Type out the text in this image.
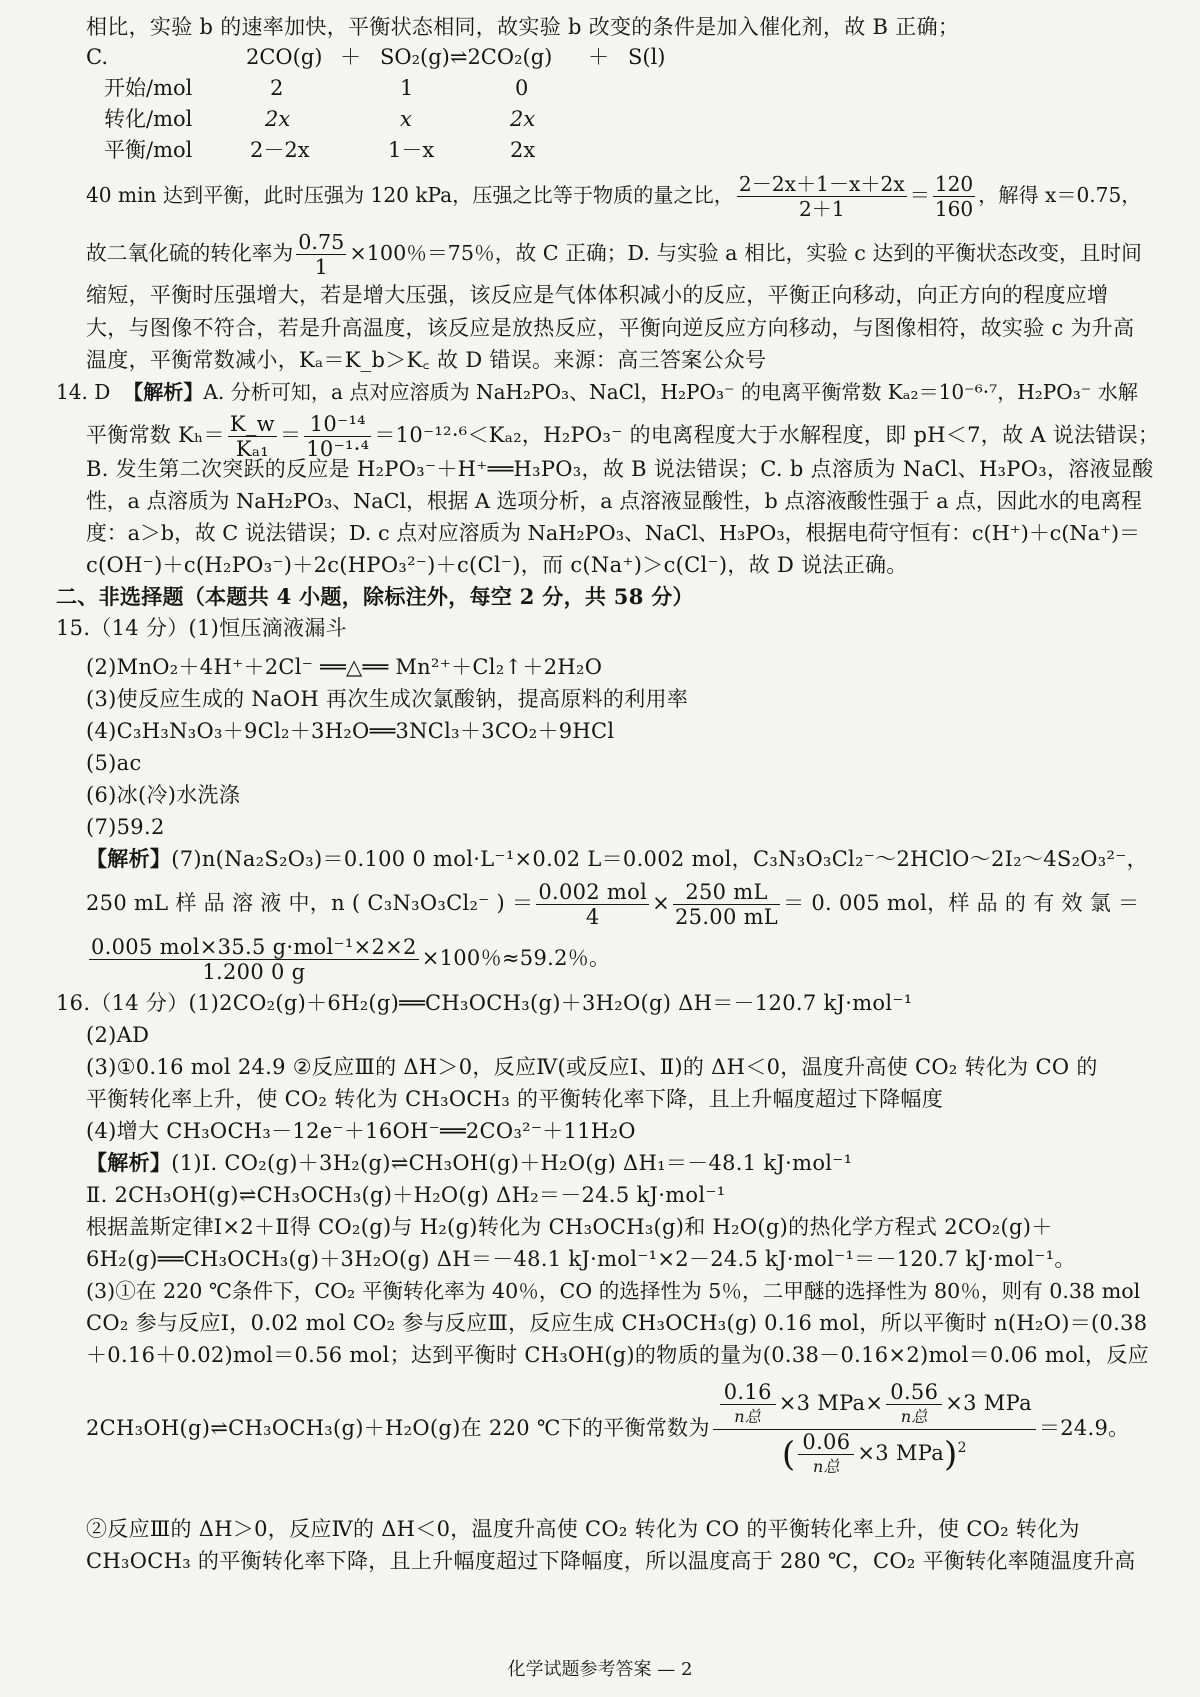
相比，实验 b 的速率加快，平衡状态相同，故实验 b 改变的条件是加入催化剂，故 B 正确；
C.	2CO(g) ＋ SO₂(g)⇌2CO₂(g) ＋ S(l)
开始/mol	2	1	0
转化/mol	2x	x	2x
平衡/mol	2－2x	1－x	2x
40 min 达到平衡，此时压强为 120 kPa，压强之比等于物质的量之比， $\frac{2-2x+1-x+2x}{2+1} = \frac{120}{160}$ ，解得 x＝0.75，
故二氧化硫的转化率为 $\frac{0.75}{1} \times 100$％＝75％，故 C 正确；D. 与实验 a 相比，实验 c 达到的平衡状态改变，且时间
缩短，平衡时压强增大，若是增大压强，该反应是气体体积减小的反应，平衡正向移动，向正方向的程度应增
大，与图像不符合，若是升高温度，该反应是放热反应，平衡向逆反应方向移动，与图像相符，故实验 c 为升高
温度，平衡常数减小，Kₐ＝K_b＞K꜀ 故 D 错误。来源：高三答案公众号
14. D 【解析】A. 分析可知，a 点对应溶质为 NaH₂PO₃、NaCl，H₂PO₃⁻ 的电离平衡常数 Kₐ₂＝10⁻⁶·⁷，H₂PO₃⁻ 水解
平衡常数 $K_h= \frac{K\_w}{\text{Kₐ₁}} = \frac{\text{10⁻¹⁴}}{\text{10⁻¹·⁴}} =10^{-12}\cdot^6<K_{a2}$，H₂PO₃⁻ 的电离程度大于水解程度，即 pH＜7，故 A 说法错误；
B. 发生第二次突跃的反应是 H₂PO₃⁻＋H⁺══H₃PO₃，故 B 说法错误；C. b 点溶质为 NaCl、H₃PO₃，溶液显酸
性，a 点溶质为 NaH₂PO₃、NaCl，根据 A 选项分析，a 点溶液显酸性，b 点溶液酸性强于 a 点，因此水的电离程
度：a＞b，故 C 说法错误；D. c 点对应溶质为 NaH₂PO₃、NaCl、H₃PO₃，根据电荷守恒有：c(H⁺)＋c(Na⁺)＝
c(OH⁻)＋c(H₂PO₃⁻)＋2c(HPO₃²⁻)＋c(Cl⁻)，而 c(Na⁺)＞c(Cl⁻)，故 D 说法正确。
二、非选择题（本题共 4 小题，除标注外，每空 2 分，共 58 分）
15.（14 分）(1)恒压滴液漏斗
(2)MnO₂＋4H⁺＋2Cl⁻ ══△══ Mn²⁺＋Cl₂↑＋2H₂O
(3)使反应生成的 NaOH 再次生成次氯酸钠，提高原料的利用率
(4)C₃H₃N₃O₃＋9Cl₂＋3H₂O══3NCl₃＋3CO₂＋9HCl
(5)ac
(6)冰(冷)水洗涤
(7)59.2
【解析】(7)n(Na₂S₂O₃)＝0.100 0 mol·L⁻¹×0.02 L＝0.002 mol，C₃N₃O₃Cl₂⁻～2HClO～2I₂～4S₂O₃²⁻，
250 mL 样 品 溶 液 中，n ( C₃N₃O₃Cl₂⁻ ) ＝ $\frac{\text{0.002 mol}}{4} \times \frac{250 mL}{25.00 mL} = 0$. 005 mol，样 品 的 有 效 氯 ＝
$\frac{\text{0.005 mol×35.5 g·mol⁻¹×2×2}}{1.200 0 g} \times 100$％≈59.2％。
16.（14 分）(1)2CO₂(g)＋6H₂(g)══CH₃OCH₃(g)＋3H₂O(g) ΔH＝－120.7 kJ·mol⁻¹
(2)AD
(3)①0.16 mol 24.9 ②反应Ⅲ的 ΔH＞0，反应Ⅳ(或反应Ⅰ、Ⅱ)的 ΔH＜0，温度升高使 CO₂ 转化为 CO 的
平衡转化率上升，使 CO₂ 转化为 CH₃OCH₃ 的平衡转化率下降，且上升幅度超过下降幅度
(4)增大 CH₃OCH₃－12e⁻＋16OH⁻══2CO₃²⁻＋11H₂O
【解析】(1)Ⅰ. CO₂(g)＋3H₂(g)⇌CH₃OH(g)＋H₂O(g) ΔH₁＝－48.1 kJ·mol⁻¹
Ⅱ. 2CH₃OH(g)⇌CH₃OCH₃(g)＋H₂O(g) ΔH₂＝－24.5 kJ·mol⁻¹
根据盖斯定律Ⅰ×2＋Ⅱ得 CO₂(g)与 H₂(g)转化为 CH₃OCH₃(g)和 H₂O(g)的热化学方程式 2CO₂(g)＋
6H₂(g)══CH₃OCH₃(g)＋3H₂O(g) ΔH＝－48.1 kJ·mol⁻¹×2－24.5 kJ·mol⁻¹＝－120.7 kJ·mol⁻¹。
(3)①在 220 ℃条件下，CO₂ 平衡转化率为 40％，CO 的选择性为 5％，二甲醚的选择性为 80％，则有 0.38 mol
CO₂ 参与反应Ⅰ，0.02 mol CO₂ 参与反应Ⅲ，反应生成 CH₃OCH₃(g) 0.16 mol，所以平衡时 n(H₂O)＝(0.38
＋0.16＋0.02)mol＝0.56 mol；达到平衡时 CH₃OH(g)的物质的量为(0.38－0.16×2)mol＝0.06 mol，反应
2CH₃OH(g)⇌CH₃OCH₃(g)＋H₂O(g)在 220 ℃下的平衡常数为 $\frac{\frac{0.16}{\text{n总}} \times 3 MPa\times \frac{0.56}{\text{n总}} \times 3 MPa}{( \frac{0.06}{\text{n总}} \times 3 MPa)^2} =24.9$。
②反应Ⅲ的 ΔH＞0，反应Ⅳ的 ΔH＜0，温度升高使 CO₂ 转化为 CO 的平衡转化率上升，使 CO₂ 转化为
CH₃OCH₃ 的平衡转化率下降，且上升幅度超过下降幅度，所以温度高于 280 ℃，CO₂ 平衡转化率随温度升高
化学试题参考答案 — 2
